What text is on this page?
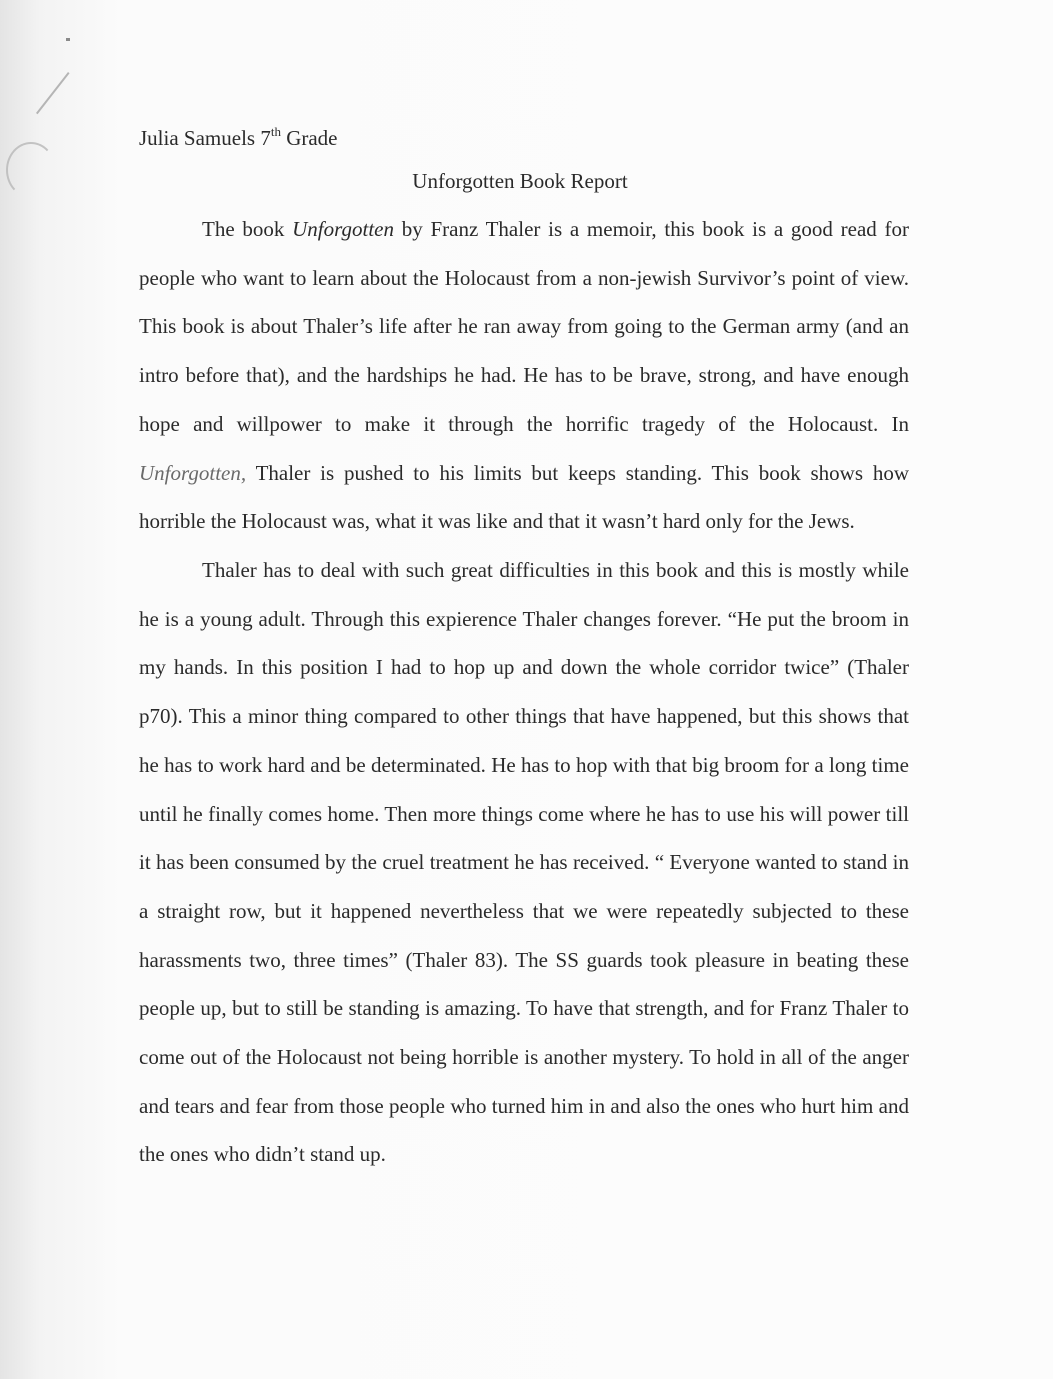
Julia Samuels 7th Grade
Unforgotten Book Report

The book Unforgotten by Franz Thaler is a memoir, this book is a good read for people who want to learn about the Holocaust from a non-jewish Survivor’s point of view. This book is about Thaler’s life after he ran away from going to the German army (and an intro before that), and the hardships he had. He has to be brave, strong, and have enough hope and willpower to make it through the horrific tragedy of the Holocaust. In Unforgotten, Thaler is pushed to his limits but keeps standing. This book shows how horrible the Holocaust was, what it was like and that it wasn’t hard only for the Jews.

Thaler has to deal with such great difficulties in this book and this is mostly while he is a young adult. Through this expierence Thaler changes forever. “He put the broom in my hands. In this position I had to hop up and down the whole corridor twice” (Thaler p70). This a minor thing compared to other things that have happened, but this shows that he has to work hard and be determinated. He has to hop with that big broom for a long time until he finally comes home. Then more things come where he has to use his will power till it has been consumed by the cruel treatment he has received. “ Everyone wanted to stand in a straight row, but it happened nevertheless that we were repeatedly subjected to these harassments two, three times” (Thaler 83). The SS guards took pleasure in beating these people up, but to still be standing is amazing. To have that strength, and for Franz Thaler to come out of the Holocaust not being horrible is another mystery. To hold in all of the anger and tears and fear from those people who turned him in and also the ones who hurt him and the ones who didn’t stand up.
